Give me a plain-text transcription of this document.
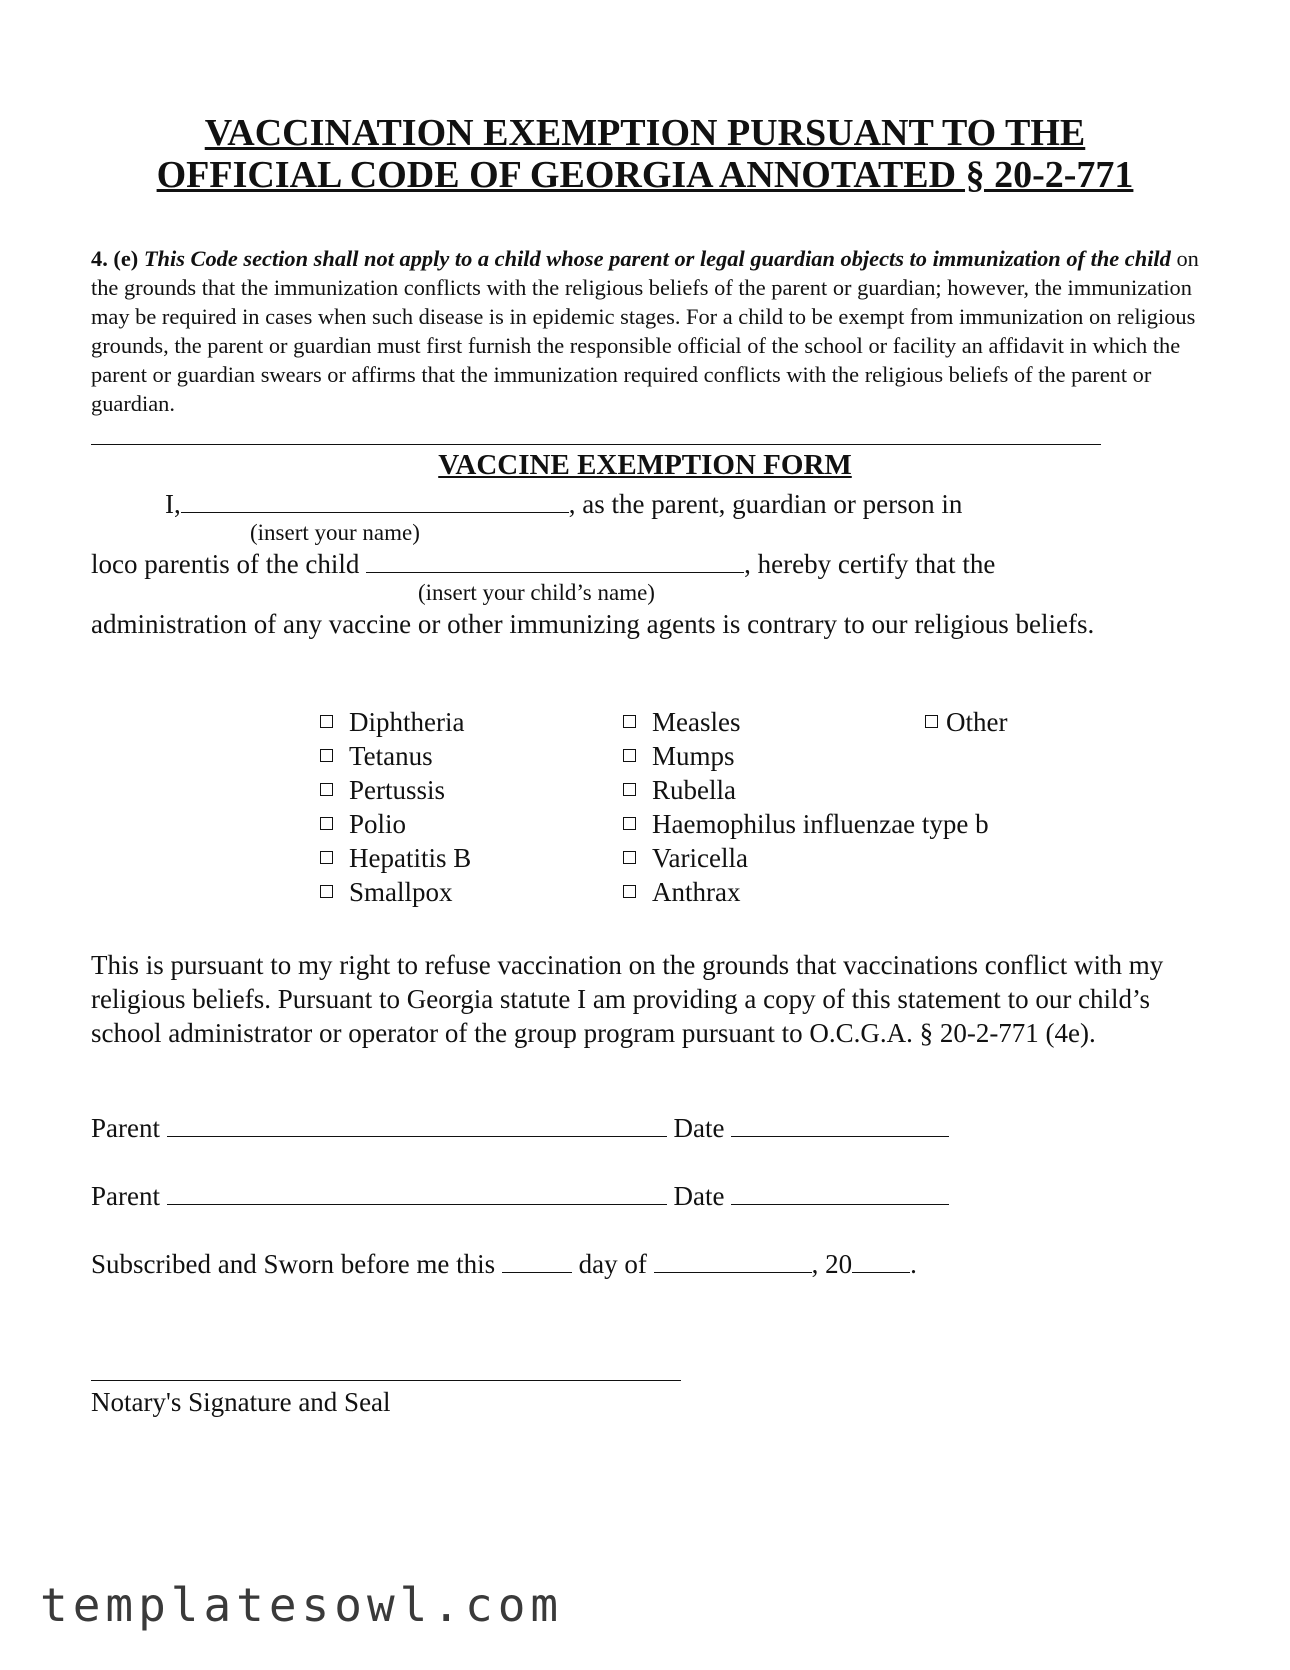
VACCINATION EXEMPTION PURSUANT TO THE
OFFICIAL CODE OF GEORGIA ANNOTATED § 20-2-771
4. (e) This Code section shall not apply to a child whose parent or legal guardian objects to immunization of the child on the grounds that the immunization conflicts with the religious beliefs of the parent or guardian; however, the immunization may be required in cases when such disease is in epidemic stages. For a child to be exempt from immunization on religious grounds, the parent or guardian must first furnish the responsible official of the school or facility an affidavit in which the parent or guardian swears or affirms that the immunization required conflicts with the religious beliefs of the parent or guardian.
VACCINE EXEMPTION FORM
I,	, as the parent, guardian or person in
(insert your name)
loco parentis of the child	, hereby certify that the
(insert your child’s name)
administration of any vaccine or other immunizing agents is contrary to our religious beliefs.
Diphtheria
Tetanus
Pertussis
Polio
Hepatitis B
Smallpox
Measles
Mumps
Rubella
Haemophilus influenzae type b
Varicella
Anthrax
Other
This is pursuant to my right to refuse vaccination on the grounds that vaccinations conflict with my religious beliefs. Pursuant to Georgia statute I am providing a copy of this statement to our child’s school administrator or operator of the group program pursuant to O.C.G.A. § 20-2-771 (4e).
Parent	Date
Parent	Date
Subscribed and Sworn before me this	day of	, 20 .
Notary's Signature and Seal
templatesowl.com
